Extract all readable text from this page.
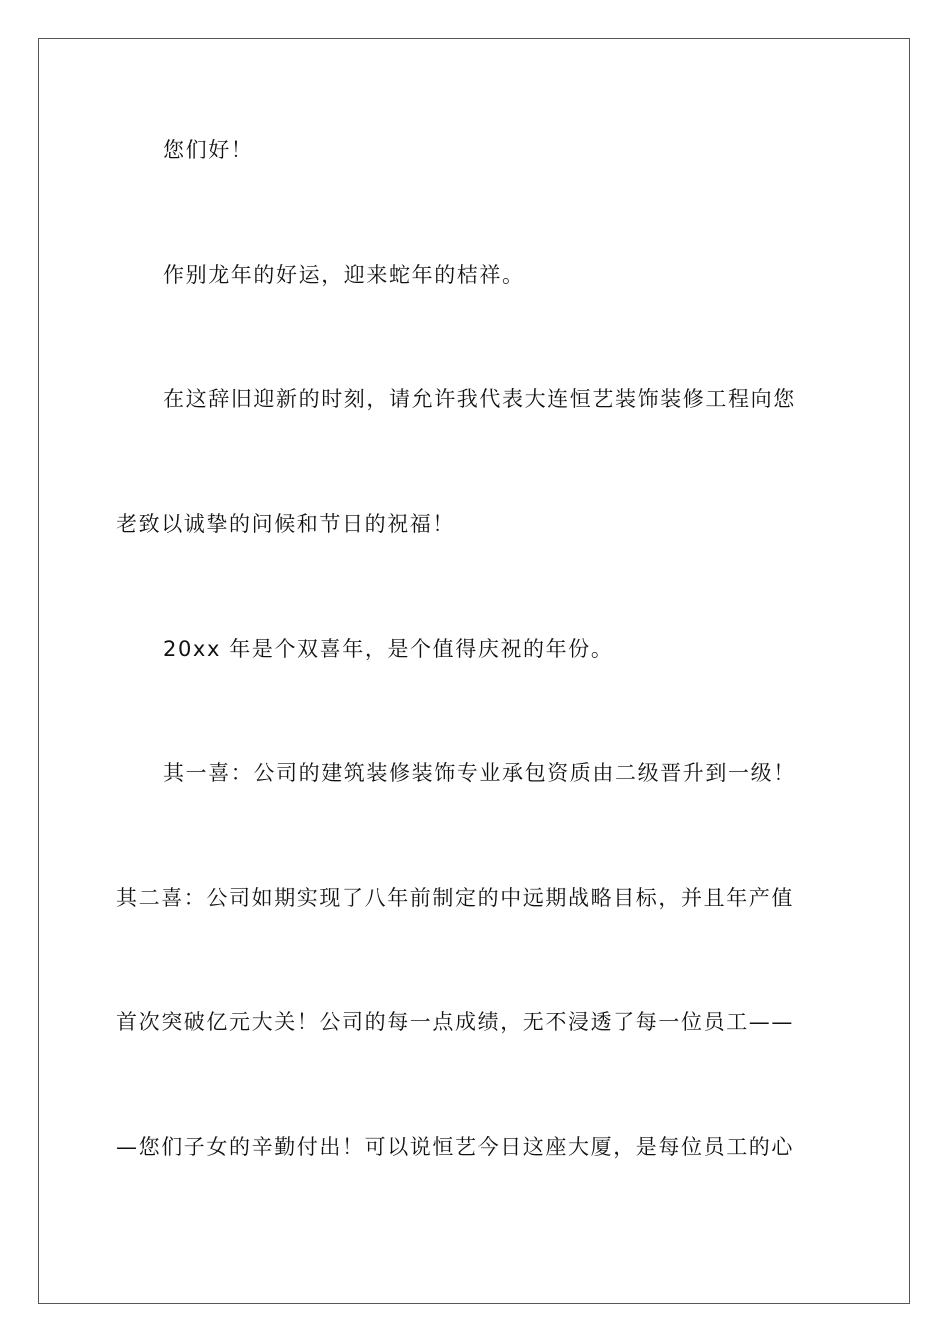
您们好！

作别龙年的好运，迎来蛇年的桔祥。

在这辞旧迎新的时刻，请允许我代表大连恒艺装饰装修工程向您

老致以诚挚的问候和节日的祝福！

20xx 年是个双喜年，是个值得庆祝的年份。

其一喜：公司的建筑装修装饰专业承包资质由二级晋升到一级！

其二喜：公司如期实现了八年前制定的中远期战略目标，并且年产值

首次突破亿元大关！公司的每一点成绩，无不浸透了每一位员工——

—您们子女的辛勤付出！可以说恒艺今日这座大厦，是每位员工的心
